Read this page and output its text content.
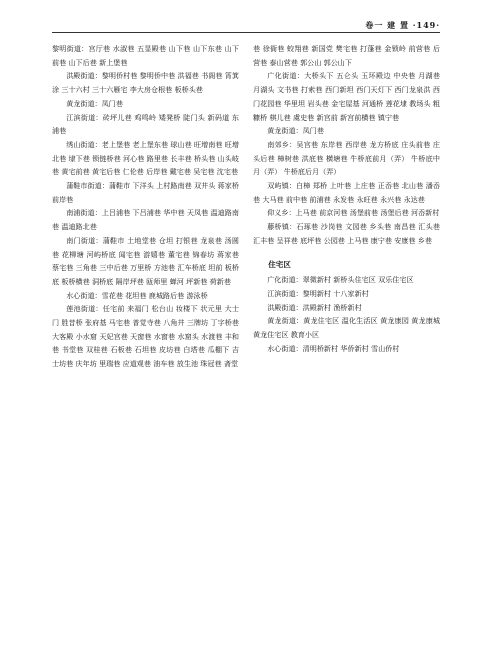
卷一 建 置 ·149·

黎明街道：宫厅巷 水淑巷 五显殿巷 山下巷 山下东巷 山下前巷 山下后巷 新上堡巷

洪殿街道：黎明侨村巷 黎明侨中巷 洪福巷 书阁巷 筲箕涂 三十六村 三十六雁宅 李大房仓根巷 板桥头巷

黄龙街道：凤门巷

江滨街道：砖坪儿巷 鸡鸣岭 矮凳桥 陡门头 新码道 东浦巷

绣山街道：老上堡巷 老上堡东巷 球山巷 旺增南巷 旺增北巷 埭下巷 锁链桥巷 河心巷 路里巷 长丰巷 桥头巷 山头岐巷 黄宅前巷 黄宅后巷 仁伦巷 后岸巷 戴宅巷 吴宅巷 沈宅巷

蒲鞋市街道：蒲鞋市 下洋头 上村路南巷 双井头 蒋家桥 前岸巷

南浦街道：上吕浦巷 下吕浦巷 华中巷 天凤巷 温迪路南巷 温迪路北巷

南门街道：蒲鞋市 土地堂巷 仓坦 打银巷 龙泉巷 汤圆巷 花柳塘 河屿桥底 闻宅巷 游嬉巷 董宅巷 锦春坊 蒋家巷 蔡宅巷 三角巷 三中后巷 万里桥 方池巷 汇车桥底 坦前 板桥底 板桥横巷 洞桥底 隔岸坪巷 瓯师里 蝉河 坪新巷 荷新巷

水心街道：雪花巷 花坦巷 鹿城路后巷 游泳桥

莲池街道：任宅前 来福门 松台山 妆楼下 状元里 大士门 胜昔桥 张府基 马宅巷 普觉寺巷 八角井 三牌坊 丁字桥巷 大客殿 小水窟 天妃宫巷 天窗巷 水窗巷 水窟头 水渡巷 丰和巷 书堂巷 双桂巷 石板巷 石坦巷 皮坊巷 白塔巷 瓜棚下 吉士坊巷 庆年坊 里瑞巷 应道观巷 油车巷 放生池 珠冠巷 斋堂

巷 徐衙巷 蛟翔巷 新国党 樊宅巷 打蓬巷 金锁岭 前营巷 后营巷 泰山营巷 郭公山 郭公山下

广化街道：大桥头下 五仑头 玉环殿边 中央巷 月湖巷 月湖头 文书巷 打索巷 西门新坦 西门天灯下 西门龙泉洪 西门花园巷 华里坦 岩头巷 金宅屋基 河通桥 莲花埭 教场头 粗糠桥 棋儿巷 虞史巷 新宫前 新宫前横巷 镇宁巷

黄龙街道：凤门巷

南郊乡：吴宫巷 东岸巷 西岸巷 龙方桥底 庄头前巷 庄头后巷 樟树巷 洪底巷 横塘巷 牛桥底前月（弄） 牛桥底中月（弄） 牛桥底后月（弄）

双屿镇：白樟 郑桥 上叶巷 上庄巷 正岙巷 北山巷 潘岙巷 大马巷 前中巷 前浦巷 永发巷 永旺巷 永兴巷 永达巷

仰义乡：上马巷 前京河巷 汤堡前巷 汤堡后巷 河岙新村

藤桥镇：石琢巷 沙岗巷 文园巷 乡头巷 南昌巷 汇头巷 汇丰巷 呈祥巷 底坪巷 公园巷 上马巷 康宁巷 安康巷 乡巷

住宅区

广化街道：翠微新村 新桥头住宅区 双乐住宅区

江滨街道：黎明新村 十八家新村

洪殿街道：洪殿新村 渔桥新村

黄龙街道：黄龙住宅区 温化生活区 黄龙康园 黄龙康城 黄龙住宅区 教育小区

水心街道：清明桥新村 华侨新村 雪山侨村
